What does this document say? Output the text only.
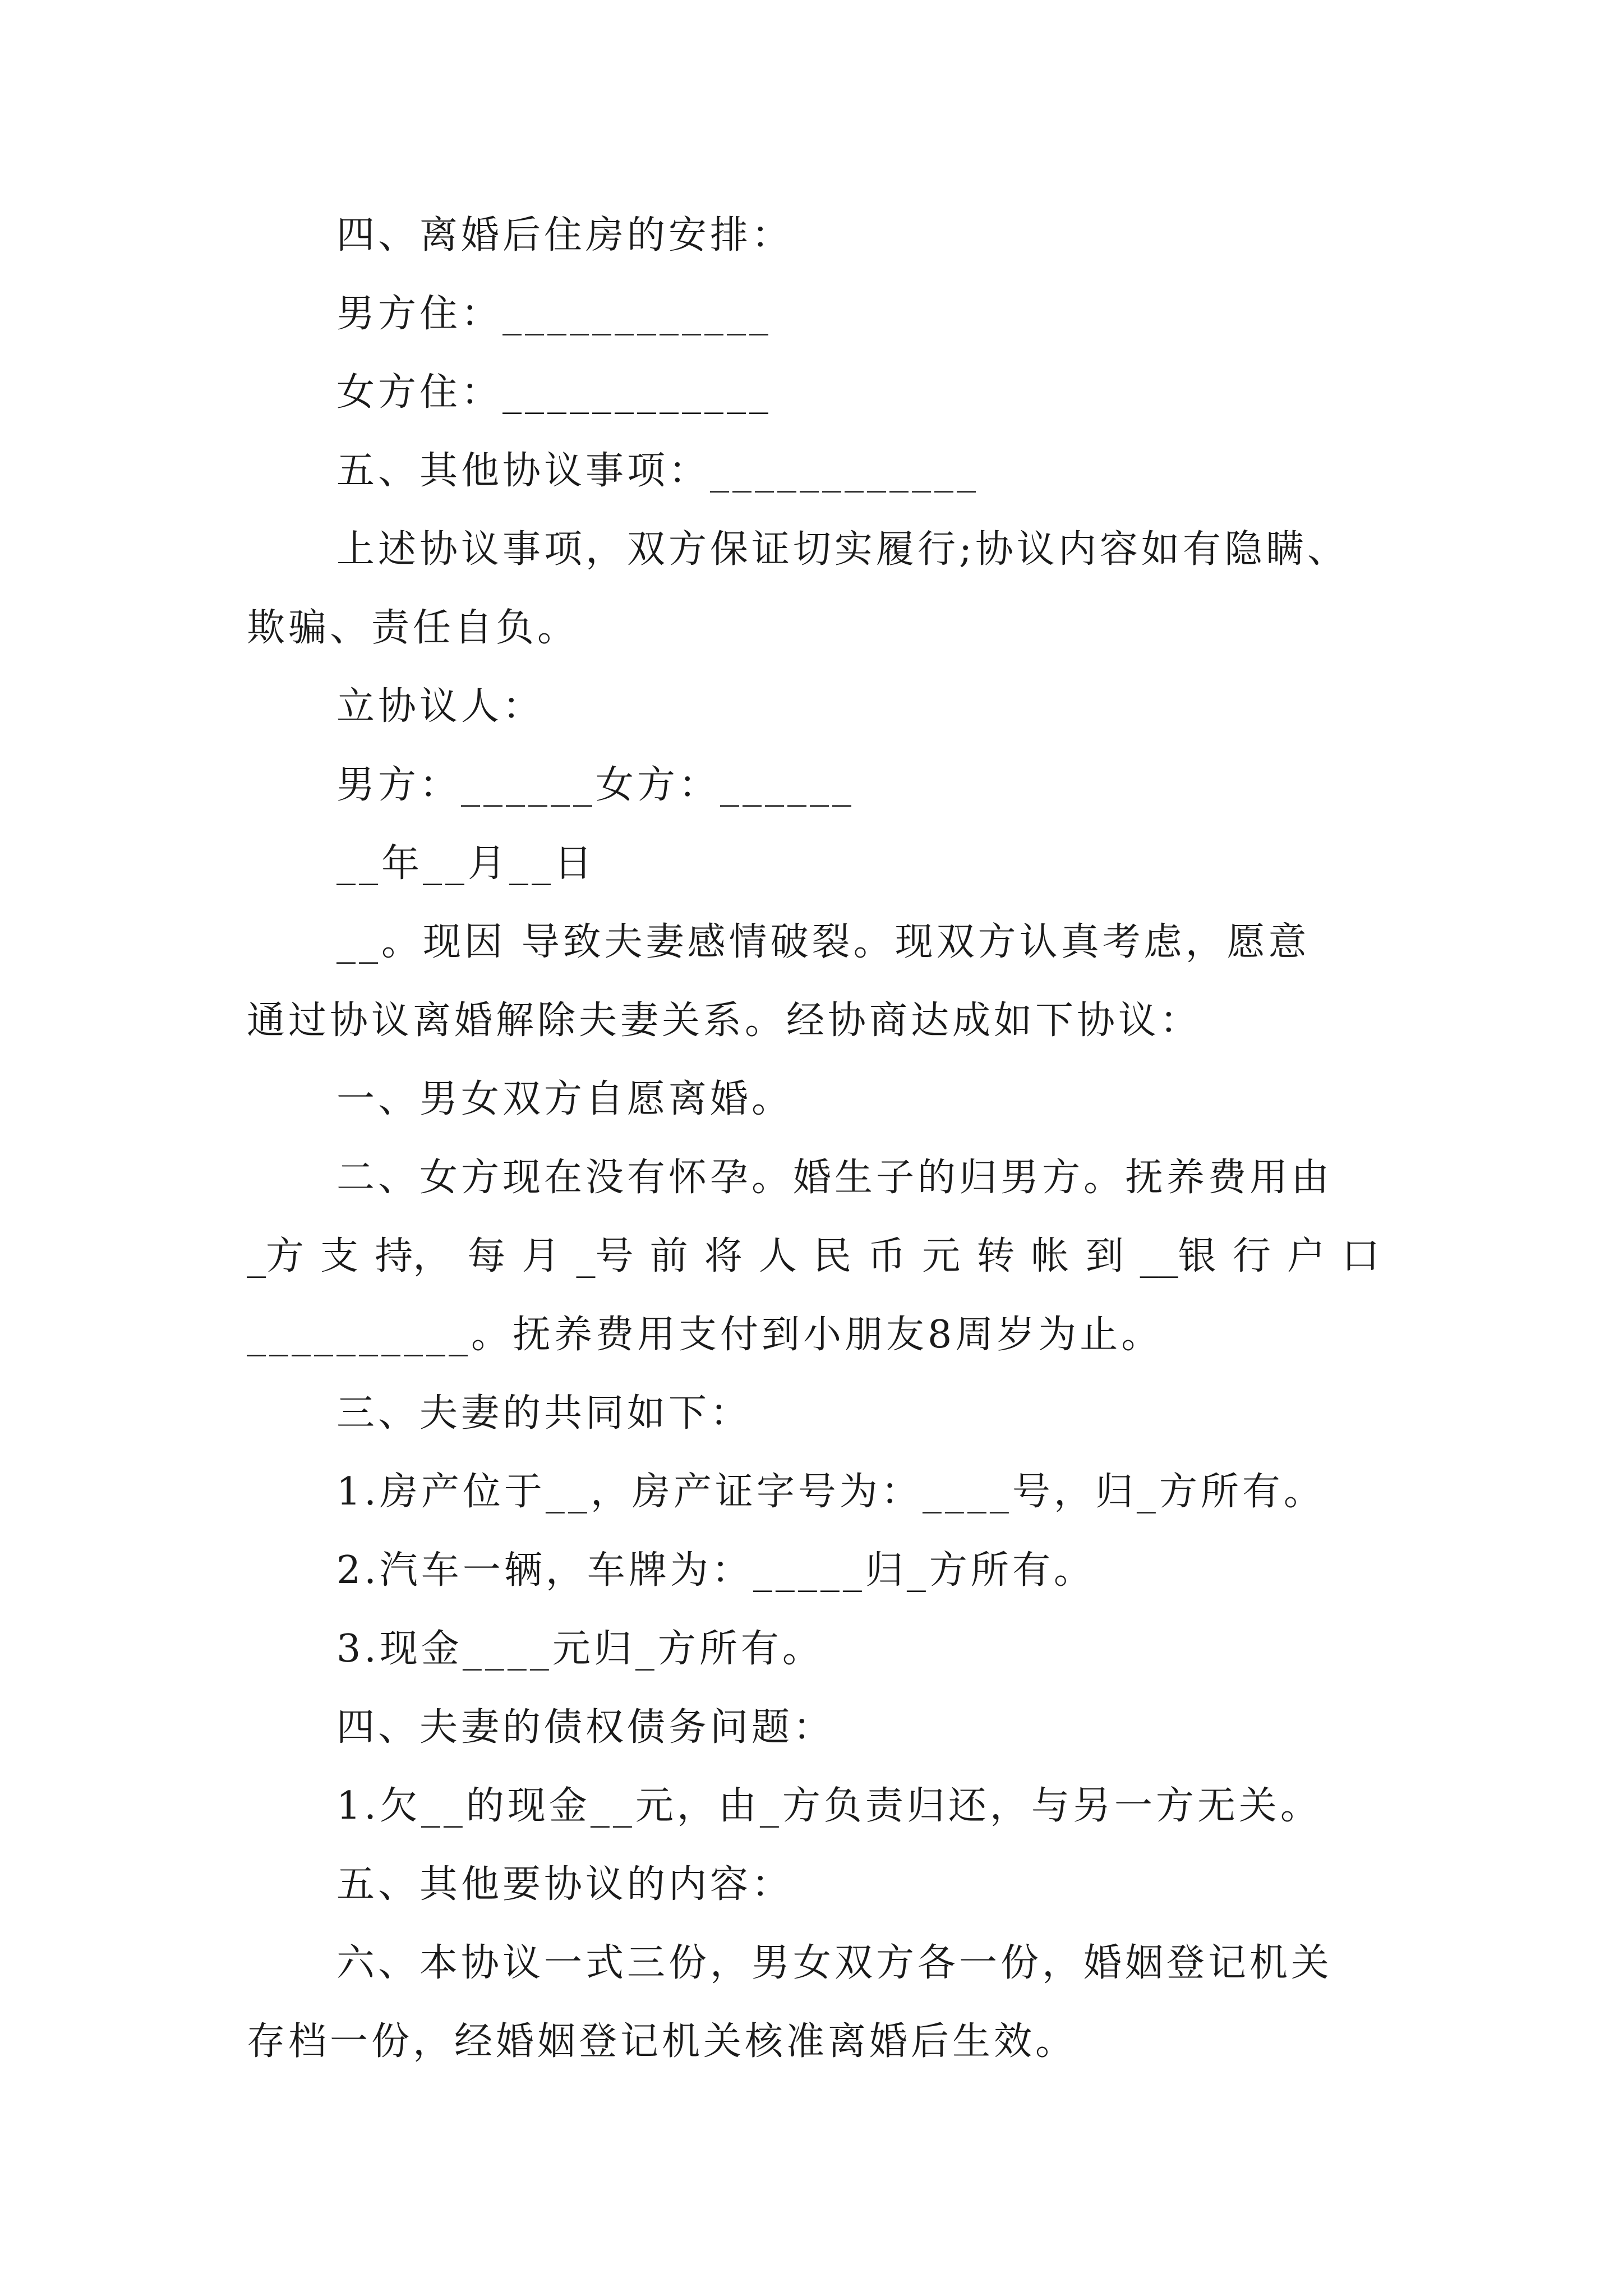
四、离婚后住房的安排：
男方住：____________
女方住：____________
五、其他协议事项：____________
上述协议事项，双方保证切实履行;协议内容如有隐瞒、
欺骗、责任自负。
立协议人：
男方：______女方：______
__年__月__日
__。现因 导致夫妻感情破裂。现双方认真考虑，愿意
通过协议离婚解除夫妻关系。经协商达成如下协议：
一、男女双方自愿离婚。
二、女方现在没有怀孕。婚生子的归男方。抚养费用由
_方 支 持， 每 月 _号 前 将 人 民 币 元 转 帐 到 __银 行 户 口
__________。抚养费用支付到小朋友8周岁为止。
三、夫妻的共同如下：
1.房产位于__，房产证字号为：____号，归_方所有。
2.汽车一辆，车牌为：_____归_方所有。
3.现金____元归_方所有。
四、夫妻的债权债务问题：
1.欠__的现金__元，由_方负责归还，与另一方无关。
五、其他要协议的内容：
六、本协议一式三份，男女双方各一份，婚姻登记机关
存档一份，经婚姻登记机关核准离婚后生效。
